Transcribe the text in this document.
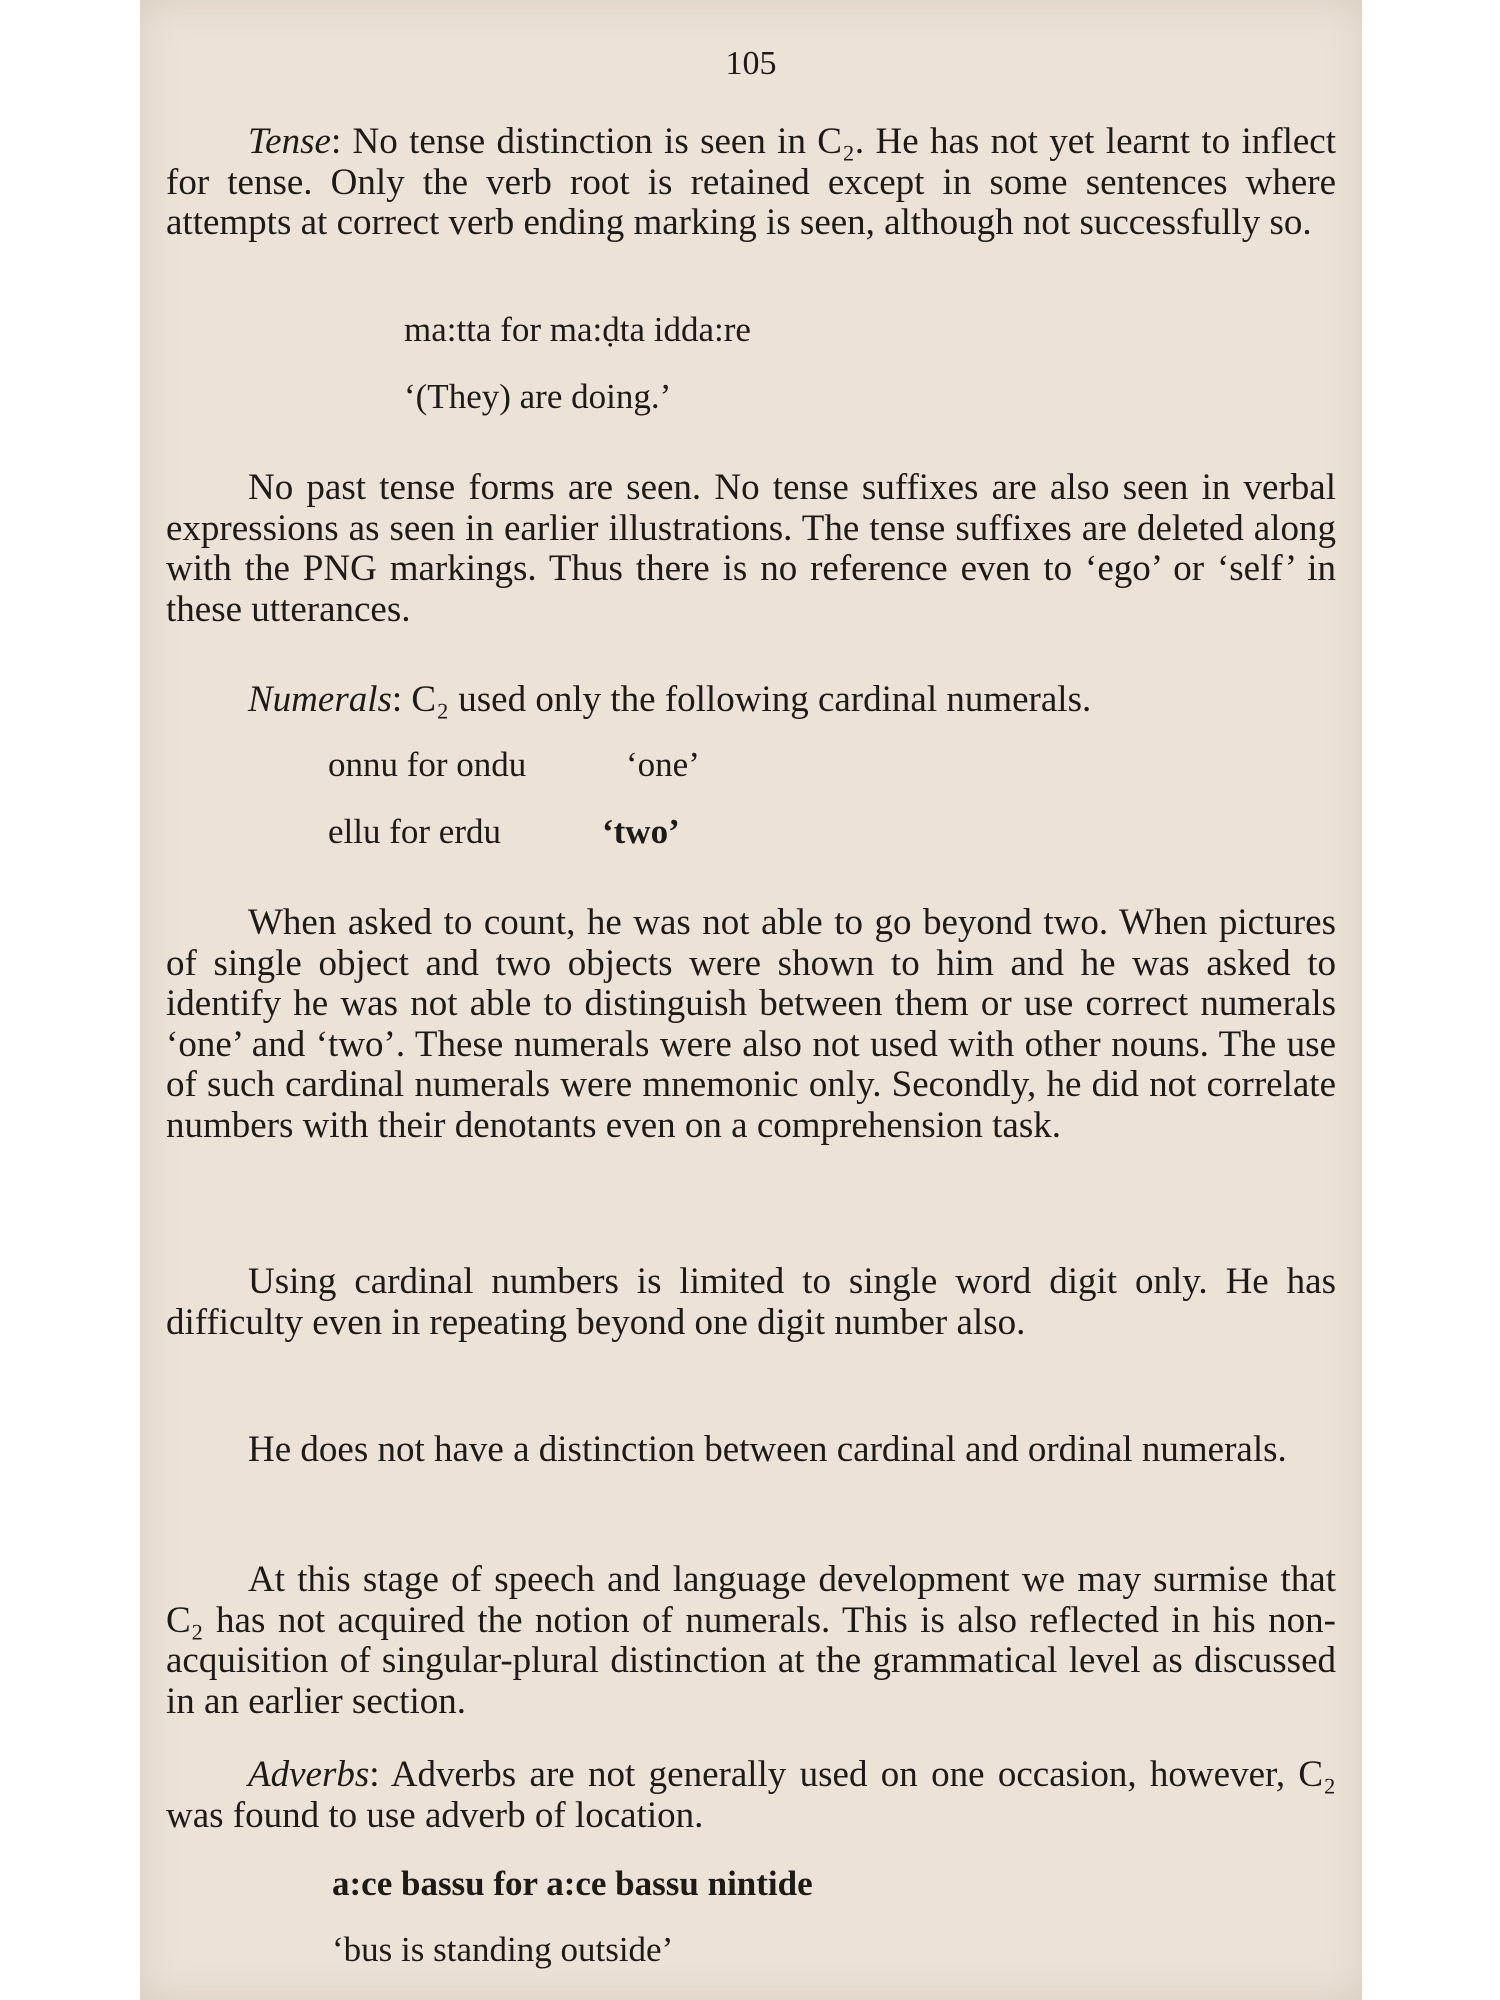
105

Tense: No tense distinction is seen in C₂. He has not yet learnt to inflect for tense. Only the verb root is retained except in some sentences where attempts at correct verb ending marking is seen, although not successfully so.

ma:tta for ma:ḍta idda:re
‘(They) are doing.’

No past tense forms are seen. No tense suffixes are also seen in verbal expressions as seen in earlier illustrations. The tense suffixes are deleted along with the PNG markings. Thus there is no reference even to ‘ego’ or ‘self’ in these utterances.

Numerals: C₂ used only the following cardinal numerals.

onnu for ondu	‘one’
ellu for erdu	‘two’

When asked to count, he was not able to go beyond two. When pictures of single object and two objects were shown to him and he was asked to identify he was not able to distinguish between them or use correct numerals ‘one’ and ‘two’. These numerals were also not used with other nouns. The use of such cardinal numerals were mnemonic only. Secondly, he did not correlate numbers with their denotants even on a comprehension task.

Using cardinal numbers is limited to single word digit only. He has difficulty even in repeating beyond one digit number also.

He does not have a distinction between cardinal and ordinal numerals.

At this stage of speech and language development we may surmise that C₂ has not acquired the notion of numerals. This is also reflected in his non-acquisition of singular-plural distinction at the grammatical level as discussed in an earlier section.

Adverbs: Adverbs are not generally used on one occasion, however, C₂ was found to use adverb of location.

a:ce bassu for a:ce bassu nintide
‘bus is standing outside’
